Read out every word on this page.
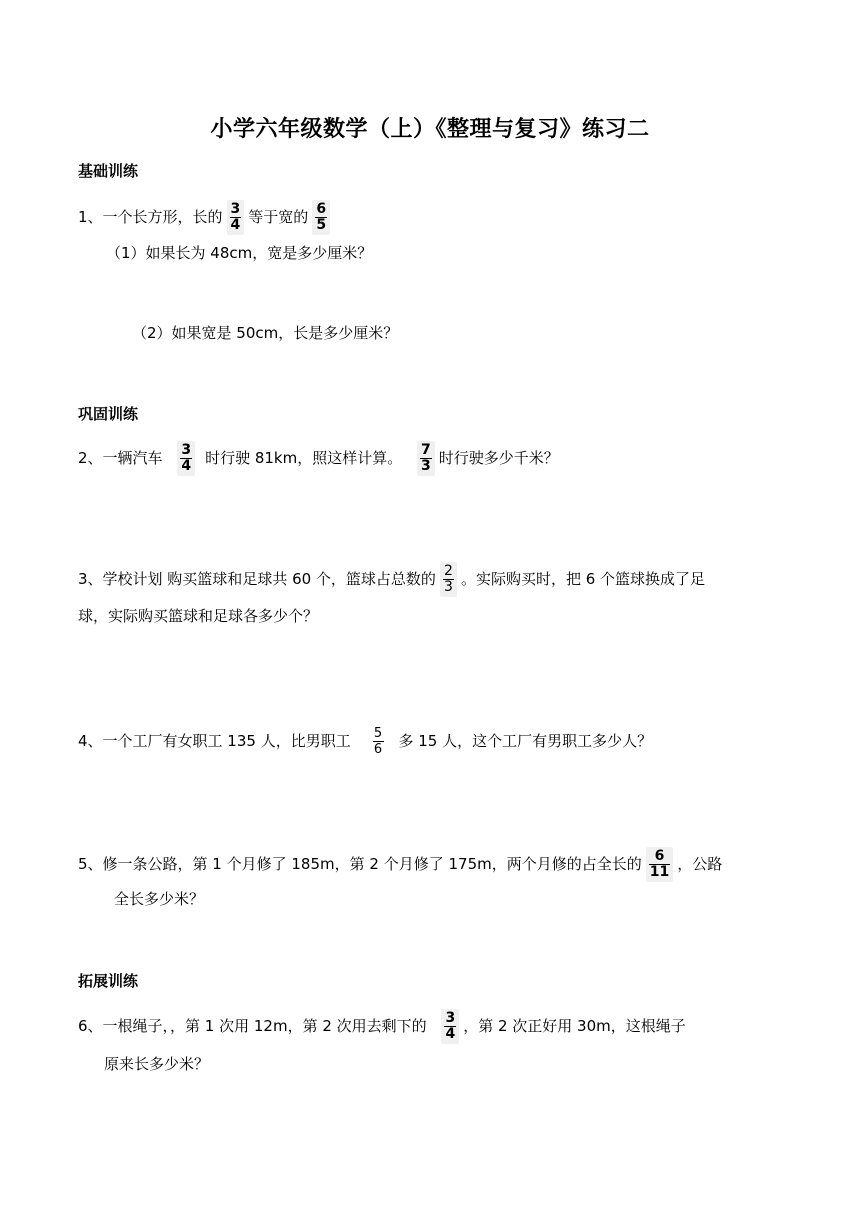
小学六年级数学（上）《整理与复习》练习二
基础训练
1、一个长方形，长的 $\frac{3}{4}$ 等于宽的 $\frac{6}{5}$
（1）如果长为 48cm，宽是多少厘米？
（2）如果宽是 50cm，长是多少厘米？
巩固训练
2、一辆汽车 $\frac{3}{4}$ 时行驶 81km，照这样计算。 $\frac{7}{3}$ 时行驶多少千米？
3、学校计划 购买篮球和足球共 60 个，篮球占总数的 $\frac{2}{3}$ 。实际购买时，把 6 个篮球换成了足
球，实际购买篮球和足球各多少个？
4、一个工厂有女职工 135 人，比男职工 $\frac{5}{6}$ 多 15 人，这个工厂有男职工多少人？
5、修一条公路，第 1 个月修了 185m，第 2 个月修了 175m，两个月修的占全长的 $\frac{6}{11}$ ，公路
全长多少米？
拓展训练
6、一根绳子，，第 1 次用 12m，第 2 次用去剩下的 $\frac{3}{4}$ ，第 2 次正好用 30m，这根绳子
原来长多少米？
